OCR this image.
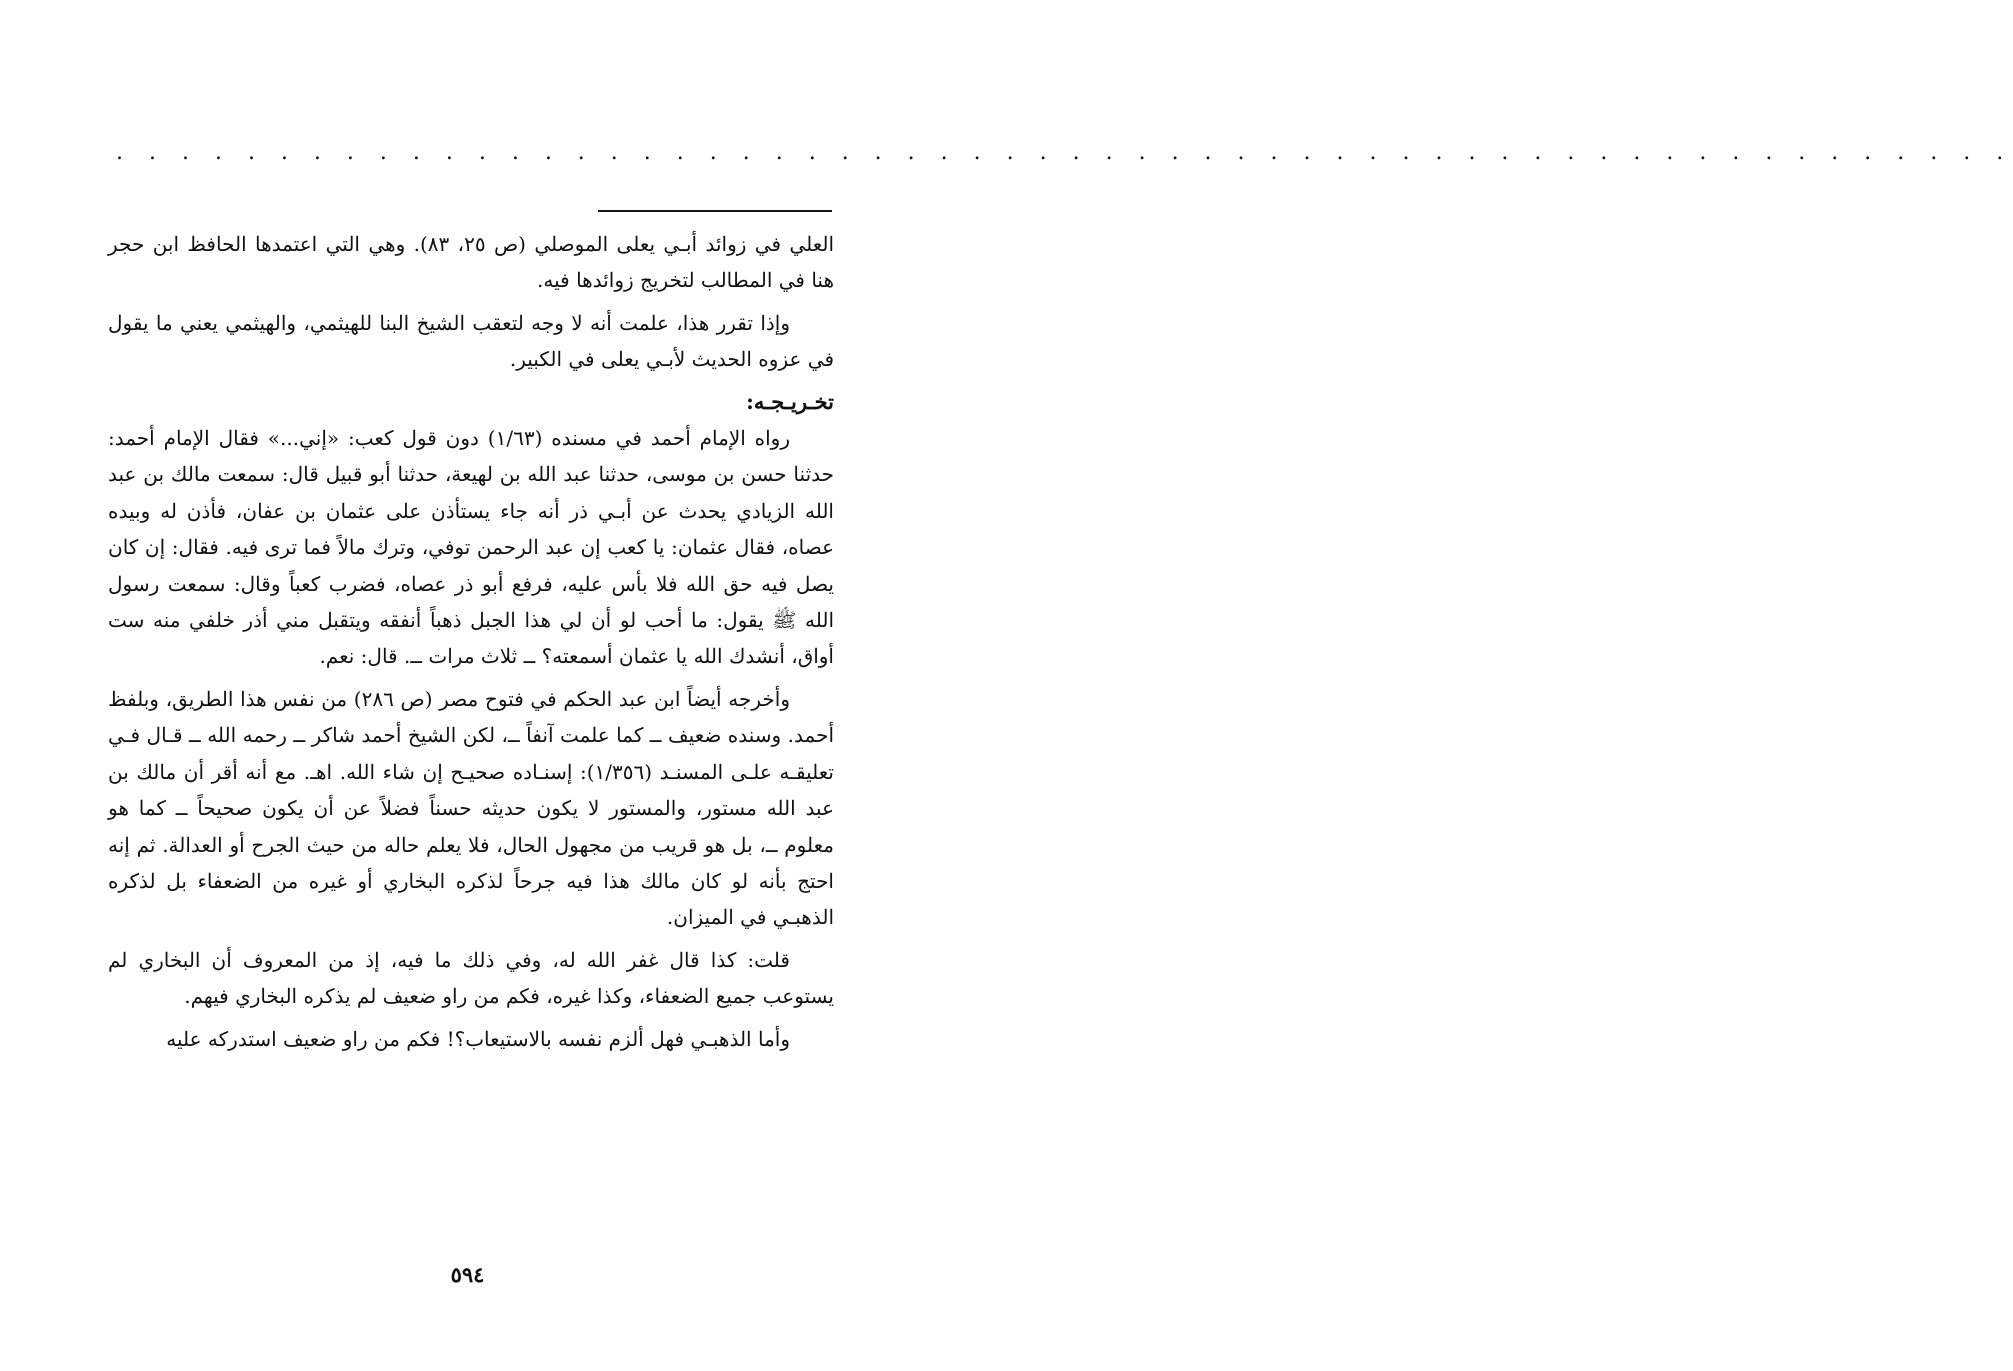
. . . . . . . . . . . . . . . . . . . . . . . . . . . . . . . . . . . . . . . . . . . . . . . . . . . . . . . . . .

العلي في زوائد أبـي يعلى الموصلي (ص ٢٥، ٨٣). وهي التي اعتمدها الحافظ ابن حجر هنا في المطالب لتخريج زوائدها فيه.

وإذا تقرر هذا، علمت أنه لا وجه لتعقب الشيخ البنا للهيثمي، والهيثمي يعني ما يقول في عزوه الحديث لأبـي يعلى في الكبير.

تخـريـجـه:

رواه الإمام أحمد في مسنده (١/٦٣) دون قول كعب: «إني...» فقال الإمام أحمد: حدثنا حسن بن موسى، حدثنا عبد الله بن لهيعة، حدثنا أبو قبيل قال: سمعت مالك بن عبد الله الزيادي يحدث عن أبـي ذر أنه جاء يستأذن على عثمان بن عفان، فأذن له وبيده عصاه، فقال عثمان: يا كعب إن عبد الرحمن توفي، وترك مالاً فما ترى فيه. فقال: إن كان يصل فيه حق الله فلا بأس عليه، فرفع أبو ذر عصاه، فضرب كعباً وقال: سمعت رسول الله ﷺ يقول: ما أحب لو أن لي هذا الجبل ذهباً أنفقه ويتقبل مني أذر خلفي منه ست أواق، أنشدك الله يا عثمان أسمعته؟ ــ ثلاث مرات ــ. قال: نعم.

وأخرجه أيضاً ابن عبد الحكم في فتوح مصر (ص ٢٨٦) من نفس هذا الطريق، وبلفظ أحمد. وسنده ضعيف ــ كما علمت آنفاً ــ، لكن الشيخ أحمد شاكر ــ رحمه الله ــ قـال فـي تعليقـه علـى المسنـد (١/٣٥٦): إسنـاده صحيـح إن شاء الله. اهـ. مع أنه أقر أن مالك بن عبد الله مستور، والمستور لا يكون حديثه حسناً فضلاً عن أن يكون صحيحاً ــ كما هو معلوم ــ، بل هو قريب من مجهول الحال، فلا يعلم حاله من حيث الجرح أو العدالة. ثم إنه احتج بأنه لو كان مالك هذا فيه جرحاً لذكره البخاري أو غيره من الضعفاء بل لذكره الذهبـي في الميزان.

قلت: كذا قال غفر الله له، وفي ذلك ما فيه، إذ من المعروف أن البخاري لم يستوعب جميع الضعفاء، وكذا غيره، فكم من راو ضعيف لم يذكره البخاري فيهم.

وأما الذهبـي فهل ألزم نفسه بالاستيعاب؟! فكم من راو ضعيف استدركه عليه

٥٩٤
